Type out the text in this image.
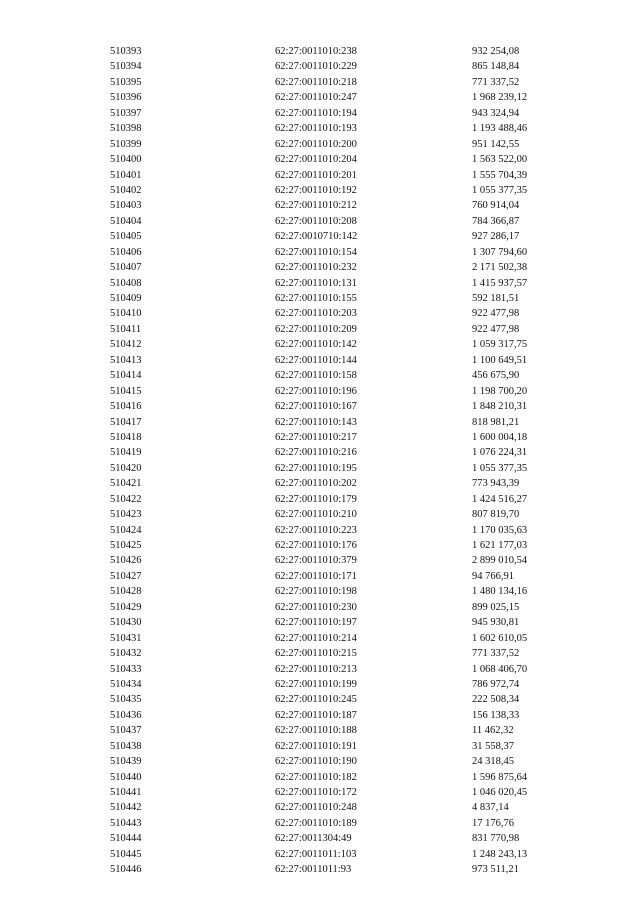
510393	62:27:0011010:238	932 254,08
510394	62:27:0011010:229	865 148,84
510395	62:27:0011010:218	771 337,52
510396	62:27:0011010:247	1 968 239,12
510397	62:27:0011010:194	943 324,94
510398	62:27:0011010:193	1 193 488,46
510399	62:27:0011010:200	951 142,55
510400	62:27:0011010:204	1 563 522,00
510401	62:27:0011010:201	1 555 704,39
510402	62:27:0011010:192	1 055 377,35
510403	62:27:0011010:212	760 914,04
510404	62:27:0011010:208	784 366,87
510405	62:27:0010710:142	927 286,17
510406	62:27:0011010:154	1 307 794,60
510407	62:27:0011010:232	2 171 502,38
510408	62:27:0011010:131	1 415 937,57
510409	62:27:0011010:155	592 181,51
510410	62:27:0011010:203	922 477,98
510411	62:27:0011010:209	922 477,98
510412	62:27:0011010:142	1 059 317,75
510413	62:27:0011010:144	1 100 649,51
510414	62:27:0011010:158	456 675,90
510415	62:27:0011010:196	1 198 700,20
510416	62:27:0011010:167	1 848 210,31
510417	62:27:0011010:143	818 981,21
510418	62:27:0011010:217	1 600 004,18
510419	62:27:0011010:216	1 076 224,31
510420	62:27:0011010:195	1 055 377,35
510421	62:27:0011010:202	773 943,39
510422	62:27:0011010:179	1 424 516,27
510423	62:27:0011010:210	807 819,70
510424	62:27:0011010:223	1 170 035,63
510425	62:27:0011010:176	1 621 177,03
510426	62:27:0011010:379	2 899 010,54
510427	62:27:0011010:171	94 766,91
510428	62:27:0011010:198	1 480 134,16
510429	62:27:0011010:230	899 025,15
510430	62:27:0011010:197	945 930,81
510431	62:27:0011010:214	1 602 610,05
510432	62:27:0011010:215	771 337,52
510433	62:27:0011010:213	1 068 406,70
510434	62:27:0011010:199	786 972,74
510435	62:27:0011010:245	222 508,34
510436	62:27:0011010:187	156 138,33
510437	62:27:0011010:188	11 462,32
510438	62:27:0011010:191	31 558,37
510439	62:27:0011010:190	24 318,45
510440	62:27:0011010:182	1 596 875,64
510441	62:27:0011010:172	1 046 020,45
510442	62:27:0011010:248	4 837,14
510443	62:27:0011010:189	17 176,76
510444	62:27:0011304:49	831 770,98
510445	62:27:0011011:103	1 248 243,13
510446	62:27:0011011:93	973 511,21
